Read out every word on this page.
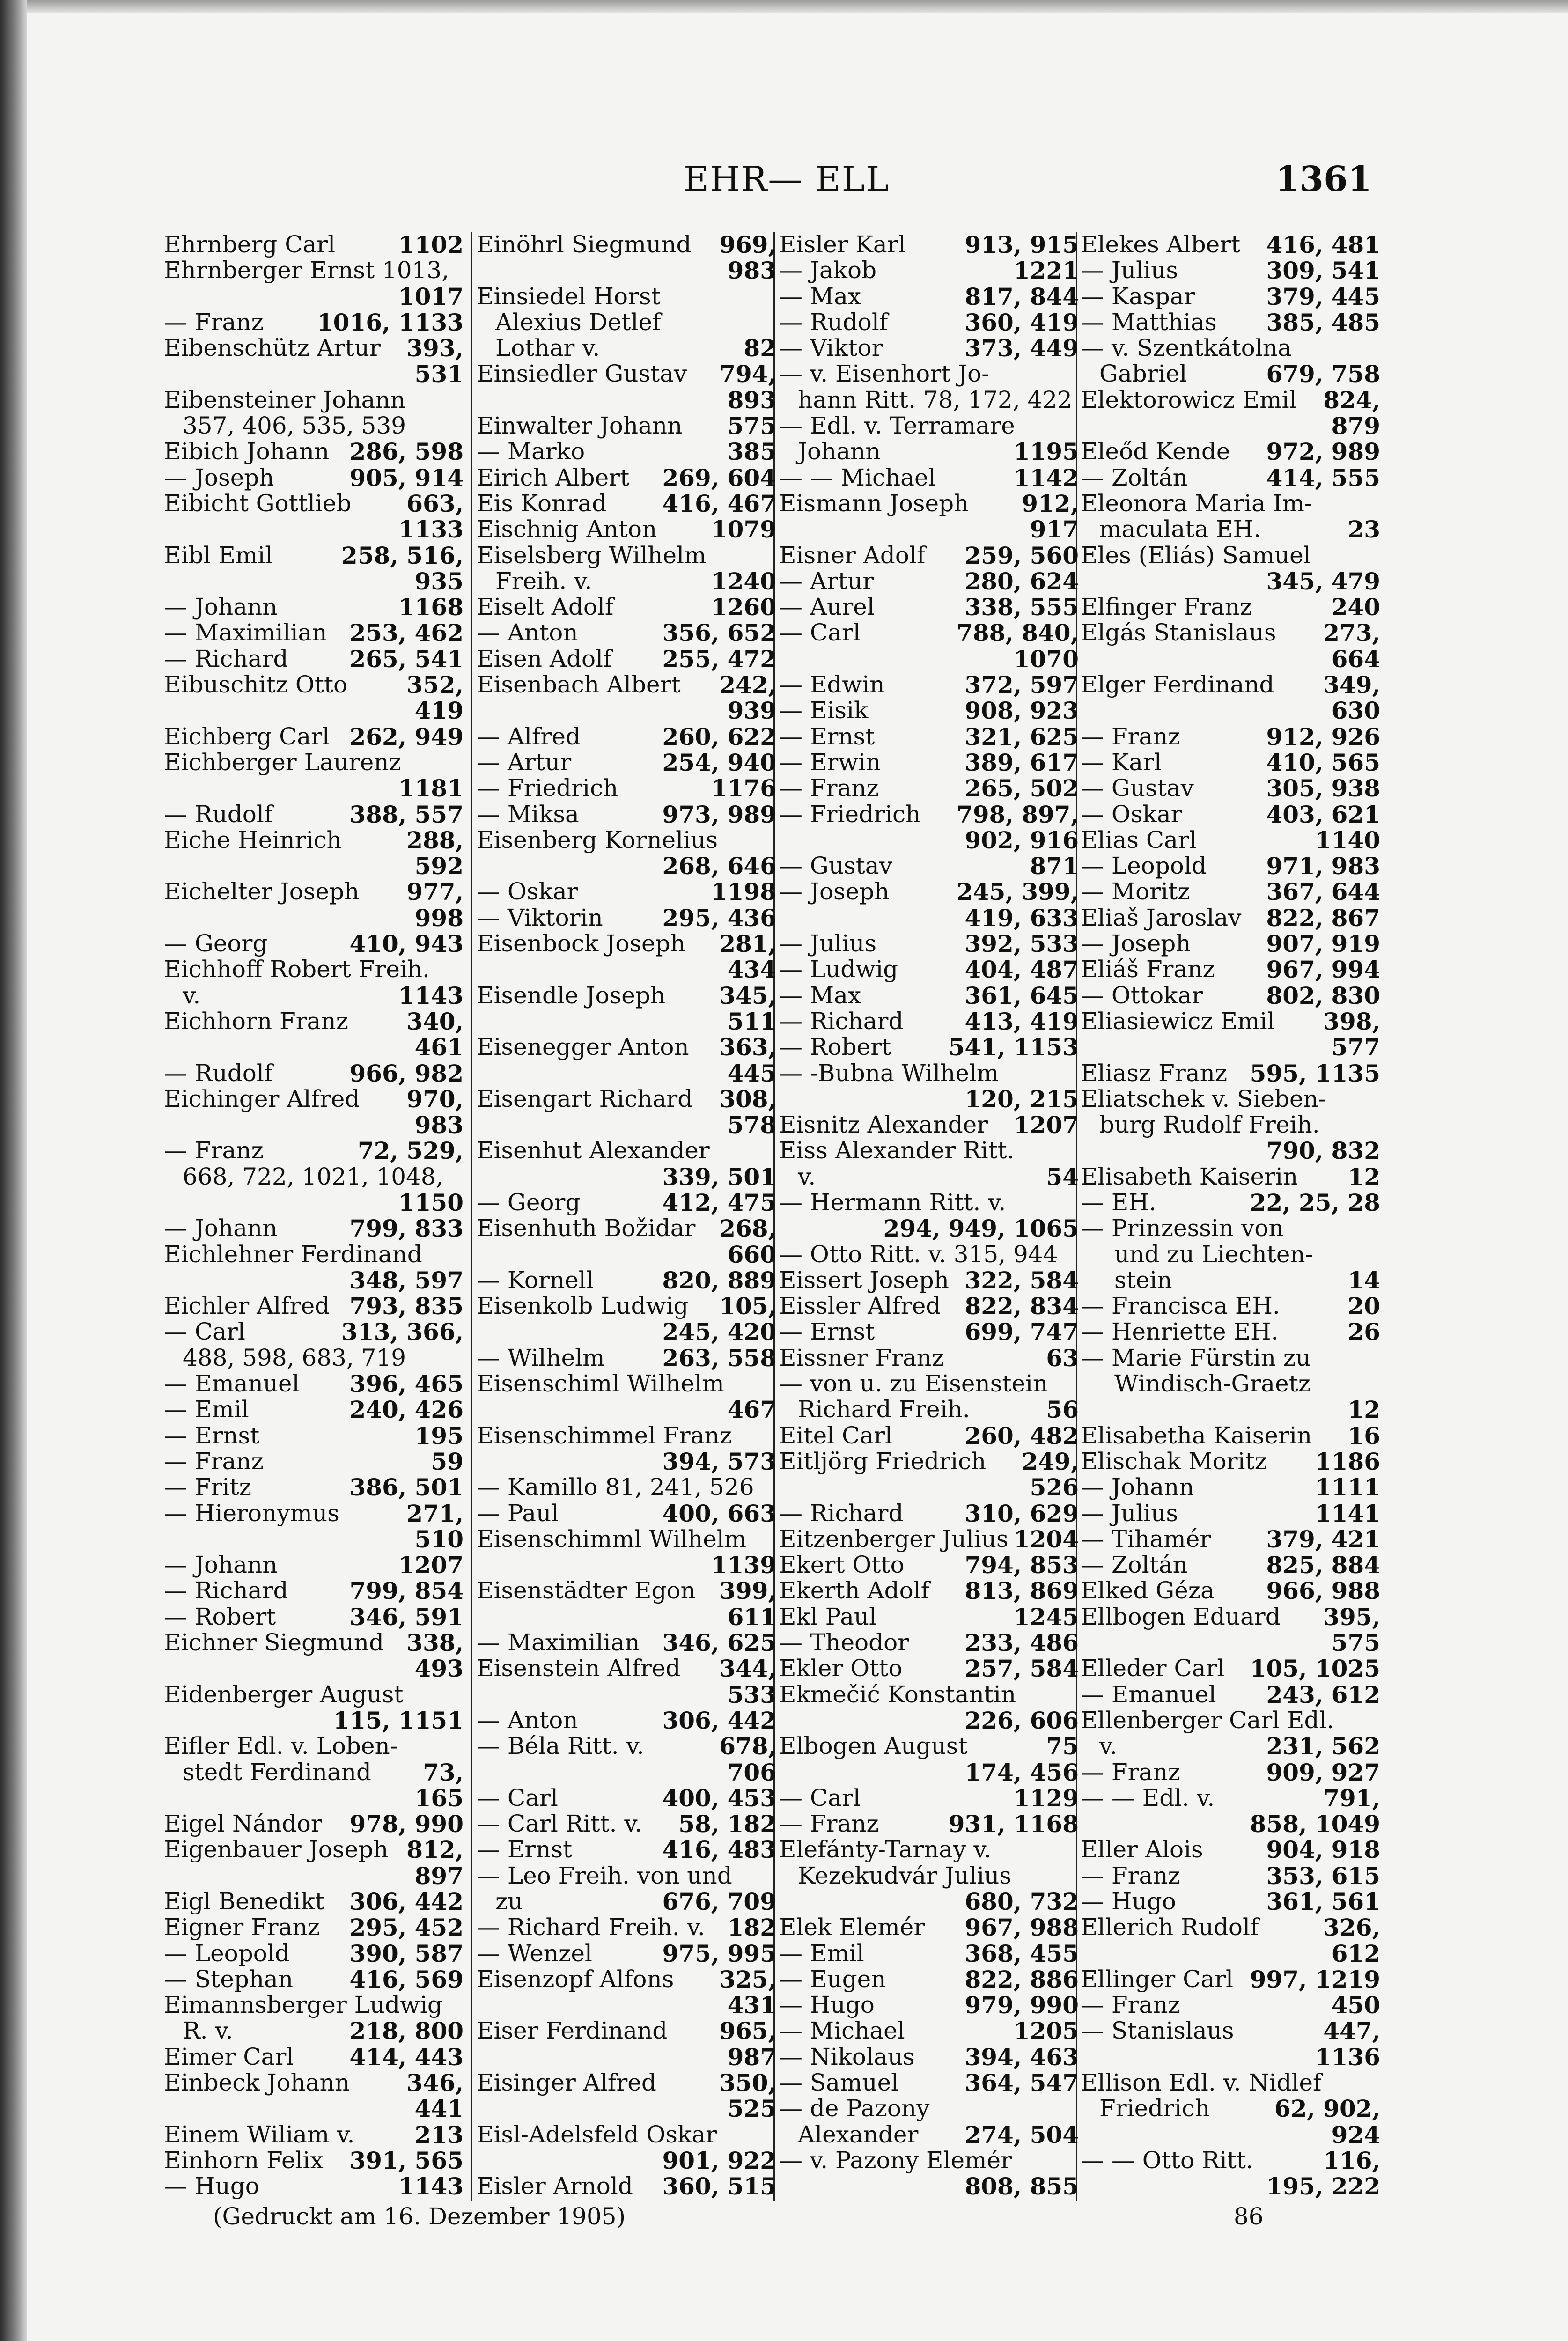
EHR— ELL	1361
Ehrnberg Carl	1102
Ehrnberger Ernst 1013,
1017
— Franz 1016, 1133
Eibenschütz Artur 393,
531
Eibensteiner Johann
357, 406, 535, 539
Eibich Johann 286, 598
— Joseph	905, 914
Eibicht Gottlieb 663,
1133
Eibl Emil	258, 516,
935
— Johann	1168
— Maximilian 253, 462
— Richard	265, 541
Eibuschitz Otto	352,
419
Eichberg Carl 262, 949
Eichberger Laurenz
1181
— Rudolf	388, 557
Eiche Heinrich	288,
592
Eichelter Joseph 977,
998
— Georg	410, 943
Eichhoff Robert Freih.
v.	1143
Eichhorn Franz 340,
461
— Rudolf	966, 982
Eichinger Alfred 970,
983
— Franz	72, 529,
668, 722, 1021, 1048,
1150
— Johann	799, 833
Eichlehner Ferdinand
348, 597
Eichler Alfred 793, 835
— Carl	313, 366,
488, 598, 683, 719
— Emanuel 396, 465
— Emil	240, 426
— Ernst	195
— Franz	59
— Fritz	386, 501
— Hieronymus	271,
510
— Johann	1207
— Richard	799, 854
— Robert	346, 591
Eichner Siegmund 338,
493
Eidenberger August
115, 1151
Eifler Edl. v. Loben-
stedt Ferdinand 73,
165
Eigel Nándor 978, 990
Eigenbauer Joseph 812,
897
Eigl Benedikt 306, 442
Eigner Franz 295, 452
— Leopold	390, 587
— Stephan 416, 569
Eimannsberger Ludwig
R. v.	218, 800
Eimer Carl 414, 443
Einbeck Johann 346,
441
Einem Wiliam v.	213
Einhorn Felix 391, 565
— Hugo	1143
Einöhrl Siegmund 969,
983
Einsiedel Horst
Alexius Detlef
Lothar v.	82
Einsiedler Gustav 794,
893
Einwalter Johann 575
— Marko	385
Eirich Albert 269, 604
Eis Konrad 416, 467
Eischnig Anton 1079
Eiselsberg Wilhelm
Freih. v.	1240
Eiselt Adolf	1260
— Anton	356, 652
Eisen Adolf 255, 472
Eisenbach Albert 242,
939
— Alfred	260, 622
— Artur	254, 940
— Friedrich	1176
— Miksa	973, 989
Eisenberg Kornelius
268, 646
— Oskar	1198
— Viktorin	295, 436
Eisenbock Joseph 281,
434
Eisendle Joseph 345,
511
Eisenegger Anton 363,
445
Eisengart Richard 308,
578
Eisenhut Alexander
339, 501
— Georg	412, 475
Eisenhuth Božidar 268,
660
— Kornell	820, 889
Eisenkolb Ludwig 105,
245, 420
— Wilhelm 263, 558
Eisenschiml Wilhelm
467
Eisenschimmel Franz
394, 573
— Kamillo 81, 241, 526
— Paul	400, 663
Eisenschimml Wilhelm
1139
Eisenstädter Egon 399,
611
— Maximilian 346, 625
Eisenstein Alfred 344,
533
— Anton	306, 442
— Béla Ritt. v.	678,
706
— Carl	400, 453
— Carl Ritt. v. 58, 182
— Ernst	416, 483
— Leo Freih. von und
zu	676, 709
— Richard Freih. v. 182
— Wenzel	975, 995
Eisenzopf Alfons 325,
431
Eiser Ferdinand 965,
987
Eisinger Alfred	350,
525
Eisl-Adelsfeld Oskar
901, 922
Eisler Arnold 360, 515
Eisler Karl	913, 915
— Jakob	1221
— Max	817, 844
— Rudolf	360, 419
— Viktor	373, 449
— v. Eisenhort Jo-
hann Ritt. 78, 172, 422
— Edl. v. Terramare
Johann	1195
— — Michael	1142
Eismann Joseph 912,
917
Eisner Adolf 259, 560
— Artur	280, 624
— Aurel	338, 555
— Carl	788, 840,
1070
— Edwin	372, 597
— Eisik	908, 923
— Ernst	321, 625
— Erwin	389, 617
— Franz	265, 502
— Friedrich 798, 897,
902, 916
— Gustav	871
— Joseph	245, 399,
419, 633
— Julius	392, 533
— Ludwig	404, 487
— Max	361, 645
— Richard	413, 419
— Robert 541, 1153
— -Bubna Wilhelm
120, 215
Eisnitz Alexander 1207
Eiss Alexander Ritt.
v.	54
— Hermann Ritt. v.
294, 949, 1065
— Otto Ritt. v. 315, 944
Eissert Joseph 322, 584
Eissler Alfred 822, 834
— Ernst	699, 747
Eissner Franz	63
— von u. zu Eisenstein
Richard Freih.	56
Eitel Carl	260, 482
Eitljörg Friedrich 249,
526
— Richard	310, 629
Eitzenberger Julius 1204
Ekert Otto	794, 853
Ekerth Adolf 813, 869
Ekl Paul	1245
— Theodor 233, 486
Ekler Otto	257, 584
Ekmečić Konstantin
226, 606
Elbogen August	75
174, 456
— Carl	1129
— Franz	931, 1168
Elefánty-Tarnay v.
Kezekudvár Julius
680, 732
Elek Elemér 967, 988
— Emil	368, 455
— Eugen	822, 886
— Hugo	979, 990
— Michael	1205
— Nikolaus 394, 463
— Samuel	364, 547
— de Pazony
Alexander 274, 504
— v. Pazony Elemér
808, 855
Elekes Albert 416, 481
— Julius	309, 541
— Kaspar	379, 445
— Matthias 385, 485
— v. Szentkátolna
Gabriel	679, 758
Elektorowicz Emil 824,
879
Eleőd Kende 972, 989
— Zoltán	414, 555
Eleonora Maria Im-
maculata EH.	23
Eles (Eliás) Samuel
345, 479
Elfinger Franz	240
Elgás Stanislaus 273,
664
Elger Ferdinand 349,
630
— Franz	912, 926
— Karl	410, 565
— Gustav	305, 938
— Oskar	403, 621
Elias Carl	1140
— Leopold	971, 983
— Moritz	367, 644
Eliaš Jaroslav 822, 867
— Joseph	907, 919
Eliáš Franz 967, 994
— Ottokar	802, 830
Eliasiewicz Emil 398,
577
Eliasz Franz 595, 1135
Eliatschek v. Sieben-
burg Rudolf Freih.
790, 832
Elisabeth Kaiserin 12
— EH.	22, 25, 28
— Prinzessin von
und zu Liechten-
stein	14
— Francisca EH.	20
— Henriette EH.	26
— Marie Fürstin zu
Windisch-Graetz
12
Elisabetha Kaiserin 16
Elischak Moritz 1186
— Johann	1111
— Julius	1141
— Tihamér 379, 421
— Zoltán	825, 884
Elked Géza 966, 988
Ellbogen Eduard 395,
575
Elleder Carl 105, 1025
— Emanuel 243, 612
Ellenberger Carl Edl.
v.	231, 562
— Franz	909, 927
— — Edl. v.	791,
858, 1049
Eller Alois	904, 918
— Franz	353, 615
— Hugo	361, 561
Ellerich Rudolf	326,
612
Ellinger Carl 997, 1219
— Franz	450
— Stanislaus	447,
1136
Ellison Edl. v. Nidlef
Friedrich	62, 902,
924
— — Otto Ritt.	116,
195, 222
(Gedruckt am 16. Dezember 1905)	86
